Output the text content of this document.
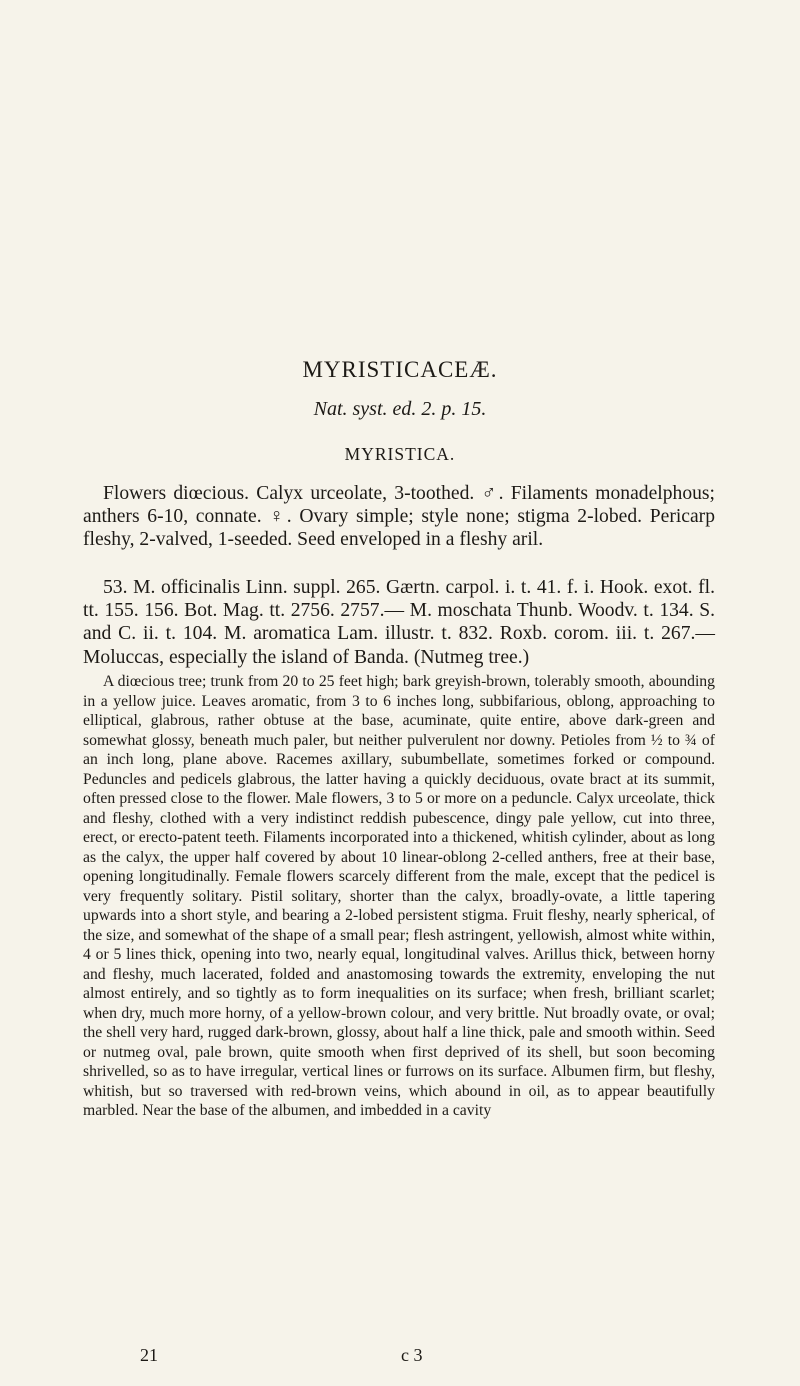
MYRISTICACEÆ.
Nat. syst. ed. 2. p. 15.
MYRISTICA.

Flowers diœcious. Calyx urceolate, 3-toothed. ♂. Filaments monadelphous; anthers 6-10, connate. ♀. Ovary simple; style none; stigma 2-lobed. Pericarp fleshy, 2-valved, 1-seeded. Seed enveloped in a fleshy aril.

53. M. officinalis Linn. suppl. 265. Gærtn. carpol. i. t. 41. f. i. Hook. exot. fl. tt. 155. 156. Bot. Mag. tt. 2756. 2757.— M. moschata Thunb. Woodv. t. 134. S. and C. ii. t. 104. M. aromatica Lam. illustr. t. 832. Roxb. corom. iii. t. 267.— Moluccas, especially the island of Banda. (Nutmeg tree.)

A diœcious tree; trunk from 20 to 25 feet high; bark greyish-brown, tolerably smooth, abounding in a yellow juice. Leaves aromatic, from 3 to 6 inches long, subbifarious, oblong, approaching to elliptical, glabrous, rather obtuse at the base, acuminate, quite entire, above dark-green and somewhat glossy, beneath much paler, but neither pulverulent nor downy. Petioles from ½ to ¾ of an inch long, plane above. Racemes axillary, subumbellate, sometimes forked or compound. Peduncles and pedicels glabrous, the latter having a quickly deciduous, ovate bract at its summit, often pressed close to the flower. Male flowers, 3 to 5 or more on a peduncle. Calyx urceolate, thick and fleshy, clothed with a very indistinct reddish pubescence, dingy pale yellow, cut into three, erect, or erecto-patent teeth. Filaments incorporated into a thickened, whitish cylinder, about as long as the calyx, the upper half covered by about 10 linear-oblong 2-celled anthers, free at their base, opening longitudinally. Female flowers scarcely different from the male, except that the pedicel is very frequently solitary. Pistil solitary, shorter than the calyx, broadly-ovate, a little tapering upwards into a short style, and bearing a 2-lobed persistent stigma. Fruit fleshy, nearly spherical, of the size, and somewhat of the shape of a small pear; flesh astringent, yellowish, almost white within, 4 or 5 lines thick, opening into two, nearly equal, longitudinal valves. Arillus thick, between horny and fleshy, much lacerated, folded and anastomosing towards the extremity, enveloping the nut almost entirely, and so tightly as to form inequalities on its surface; when fresh, brilliant scarlet; when dry, much more horny, of a yellow-brown colour, and very brittle. Nut broadly ovate, or oval; the shell very hard, rugged dark-brown, glossy, about half a line thick, pale and smooth within. Seed or nutmeg oval, pale brown, quite smooth when first deprived of its shell, but soon becoming shrivelled, so as to have irregular, vertical lines or furrows on its surface. Albumen firm, but fleshy, whitish, but so traversed with red-brown veins, which abound in oil, as to appear beautifully marbled. Near the base of the albumen, and imbedded in a cavity

21	c 3
